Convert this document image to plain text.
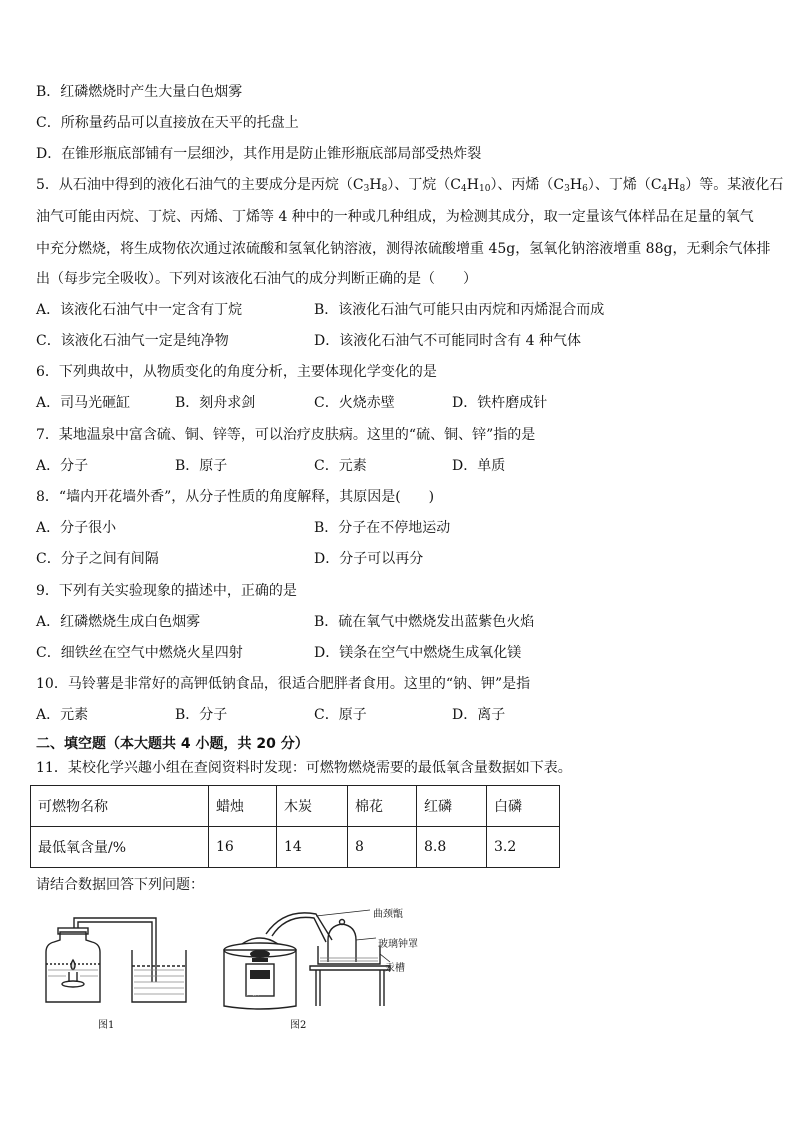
B．红磷燃烧时产生大量白色烟雾
C．所称量药品可以直接放在天平的托盘上
D．在锥形瓶底部铺有一层细沙，其作用是防止锥形瓶底部局部受热炸裂
5．从石油中得到的液化石油气的主要成分是丙烷$(C_3H_8)$、丁烷$(C_4H_{10})$、丙烯$(C_3H_6)$、丁烯$(C_4H_8)$等。某液化石
油气可能由丙烷、丁烷、丙烯、丁烯等 4 种中的一种或几种组成，为检测其成分，取一定量该气体样品在足量的氧气
中充分燃烧，将生成物依次通过浓硫酸和氢氧化钠溶液，测得浓硫酸增重 45g，氢氧化钠溶液增重 88g，无剩余气体排
出（每步完全吸收）。下列对该液化石油气的成分判断正确的是（　　）
A．该液化石油气中一定含有丁烷	B．该液化石油气可能只由丙烷和丙烯混合而成
C．该液化石油气一定是纯净物	D．该液化石油气不可能同时含有 4 种气体
6．下列典故中，从物质变化的角度分析，主要体现化学变化的是
A．司马光砸缸	B．刻舟求剑	C．火烧赤壁	D．铁杵磨成针
7．某地温泉中富含硫、铜、锌等，可以治疗皮肤病。这里的“硫、铜、锌”指的是
A．分子	B．原子	C．元素	D．单质
8．“墙内开花墙外香”，从分子性质的角度解释，其原因是(　　)
A．分子很小	B．分子在不停地运动
C．分子之间有间隔	D．分子可以再分
9．下列有关实验现象的描述中，正确的是
A．红磷燃烧生成白色烟雾	B．硫在氧气中燃烧发出蓝紫色火焰
C．细铁丝在空气中燃烧火星四射	D．镁条在空气中燃烧生成氧化镁
10．马铃薯是非常好的高钾低钠食品，很适合肥胖者食用。这里的“钠、钾”是指
A．元素	B．分子	C．原子	D．离子
二、填空题（本大题共 4 小题，共 20 分）
11．某校化学兴趣小组在查阅资料时发现：可燃物燃烧需要的最低氧含量数据如下表。
可燃物名称	蜡烛	木炭	棉花	红磷	白磷
最低氧含量/%	16	14	8	8.8	3.2
请结合数据回答下列问题：
图1
曲颈甑
玻璃钟罩
汞槽
火炉
图2
